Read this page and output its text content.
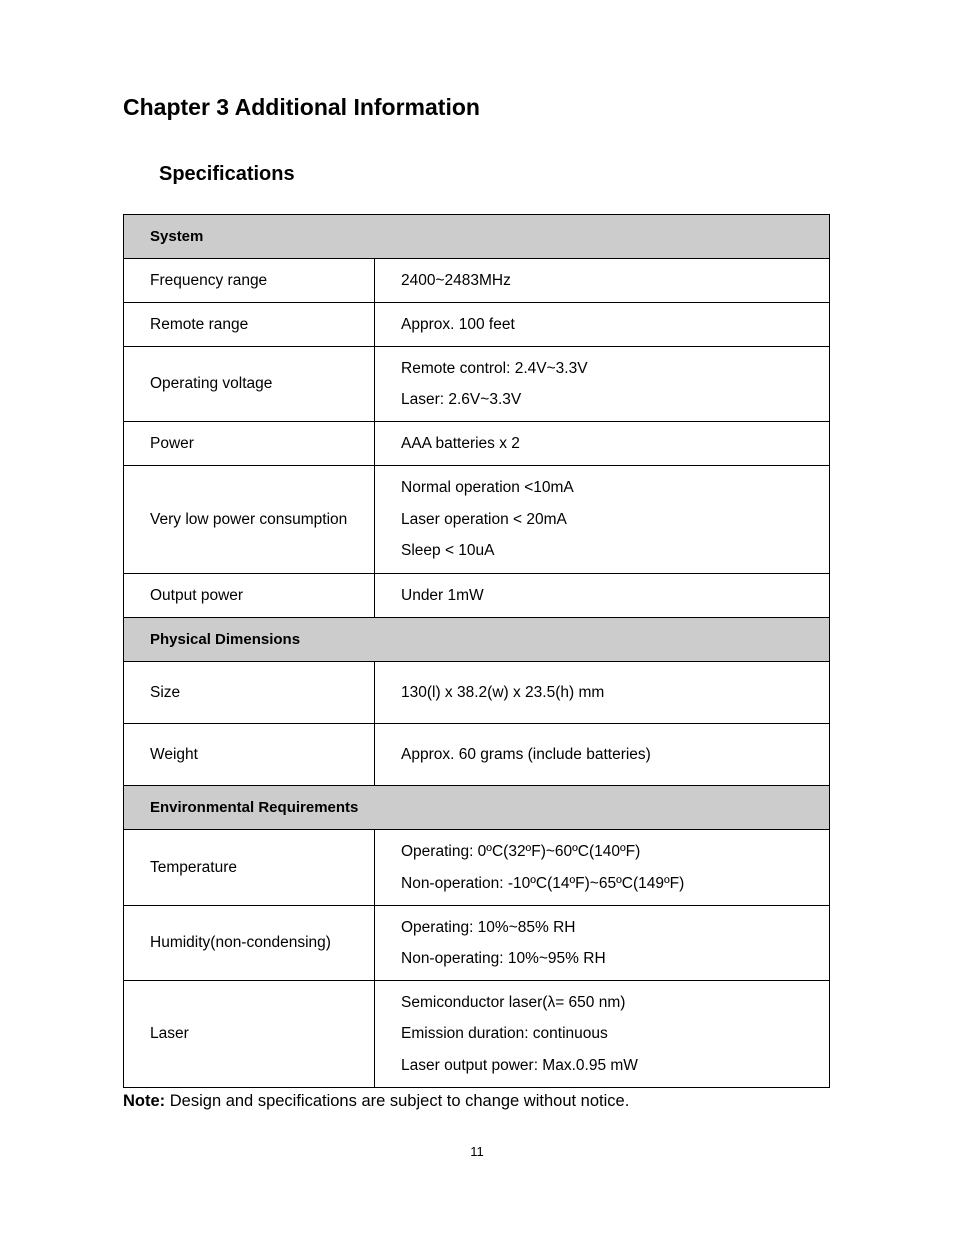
Chapter 3 Additional Information
Specifications
System	
Frequency range	2400~2483MHz
Remote range	Approx. 100 feet
Operating voltage	Remote control: 2.4V~3.3V
Laser: 2.6V~3.3V

Power	AAA batteries x 2
Very low power consumption	Normal operation <10mA
Laser operation < 20mA
Sleep < 10uA

Output power	Under 1mW
Physical Dimensions	
Size	130(l) x 38.2(w) x 23.5(h) mm
Weight	Approx. 60 grams (include batteries)
Environmental Requirements	
Temperature	Operating: 0ºC(32ºF)~60ºC(140ºF)
Non-operation: -10ºC(14ºF)~65ºC(149ºF)

Humidity(non-condensing)	Operating: 10%~85% RH
Non-operating: 10%~95% RH

Laser	Semiconductor laser(λ= 650 nm)
Emission duration: continuous
Laser output power: Max.0.95 mW

Note: Design and specifications are subject to change without notice.

11
